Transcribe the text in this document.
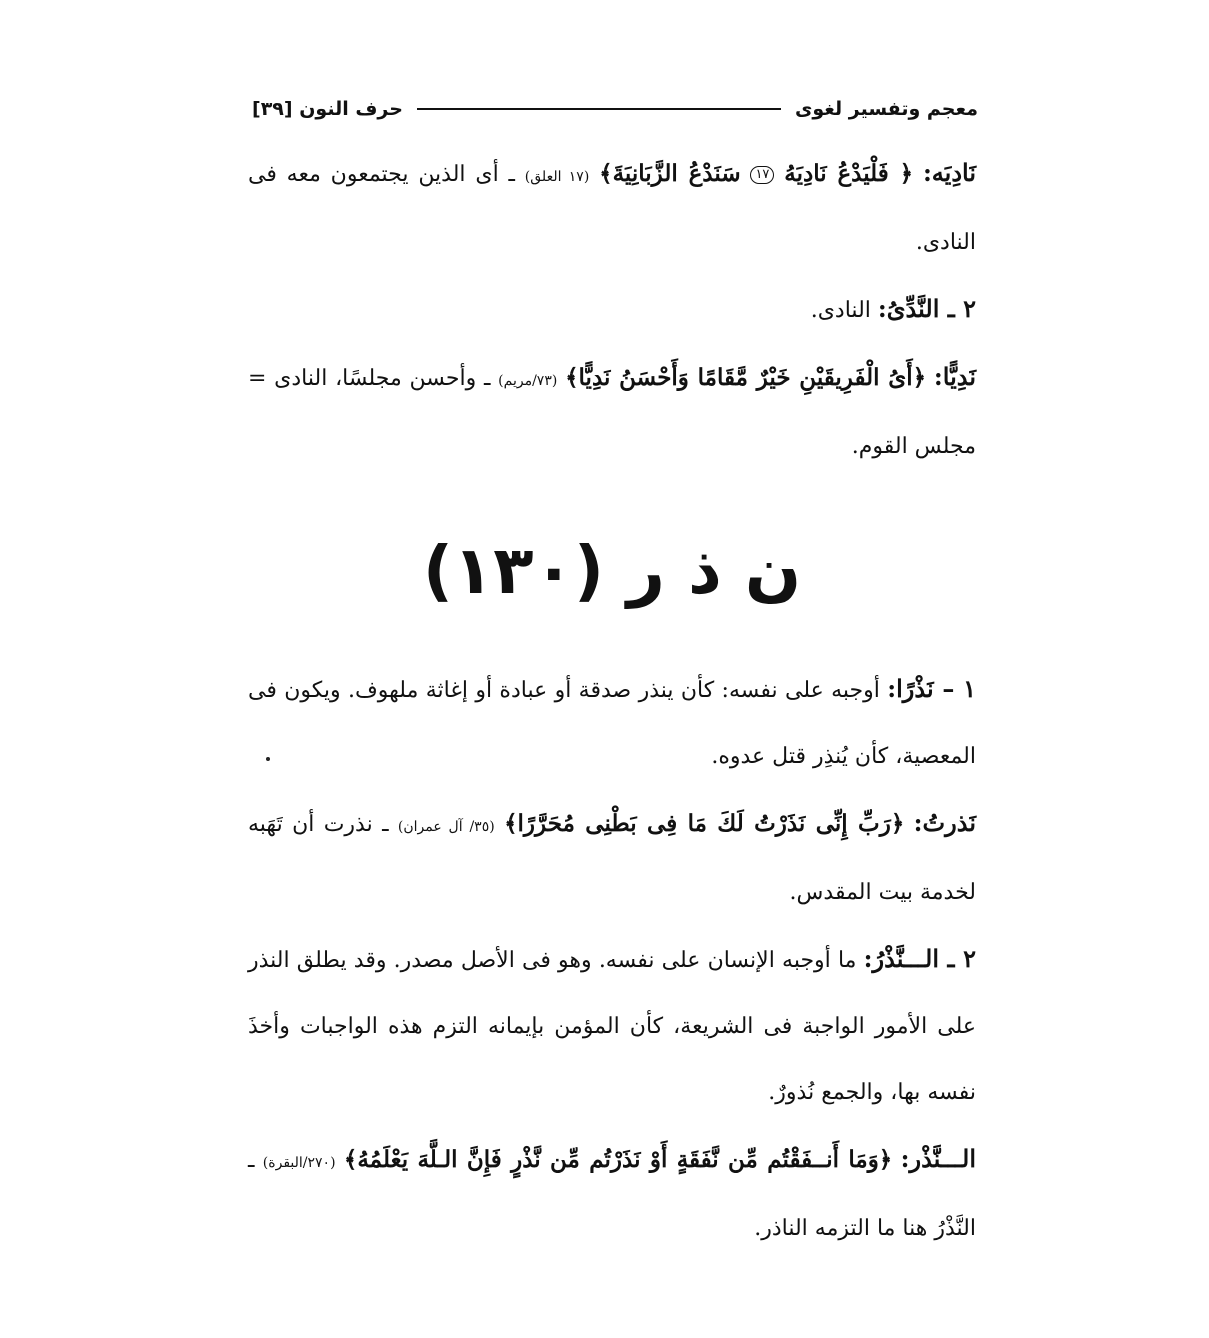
معجم وتفسير لغوى
حرف النون [٣٩]

نَادِيَه: ﴿ فَلْيَدْعُ نَادِيَهُ ١٧ سَنَدْعُ الزَّبَانِيَةَ﴾ (١٧ العلق) ـ أى الذين يجتمعون معه فى النادى.

٢ ـ النَّدِّىُ: النادى.

نَدِيًّا: ﴿أَىُ الْفَرِيقَيْنِ خَيْرٌ مَّقَامًا وَأَحْسَنُ نَدِيًّا﴾ (٧٣/مريم) ـ وأحسن مجلسًا، النادى = مجلس القوم.

ن ذ ر (١٣٠)

١ – نَذْرًا: أوجبه على نفسه: كأن ينذر صدقة أو عبادة أو إغاثة ملهوف. ويكون فى المعصية، كأن يُنذِر قتل عدوه.

نَذرتُ: ﴿رَبِّ إِنِّى نَذَرْتُ لَكَ مَا فِى بَطْنِى مُحَرَّرًا﴾ (٣٥/ آل عمران) ـ نذرت أن تَهَبه لخدمة بيت المقدس.

٢ ـ الـــنَّذْرُ: ما أوجبه الإنسان على نفسه. وهو فى الأصل مصدر. وقد يطلق النذر على الأمور الواجبة فى الشريعة، كأن المؤمن بإيمانه التزم هذه الواجبات وأخذَ نفسه بها، والجمع نُذورٌ.

الـــنَّذْر: ﴿وَمَا أَنــفَقْتُم مِّن نَّفَقَةٍ أَوْ نَذَرْتُم مِّن نَّذْرٍ فَإِنَّ الـلَّهَ يَعْلَمُهُ﴾ (٢٧٠/البقرة) ـ النَّذْرُ هنا ما التزمه الناذر.
